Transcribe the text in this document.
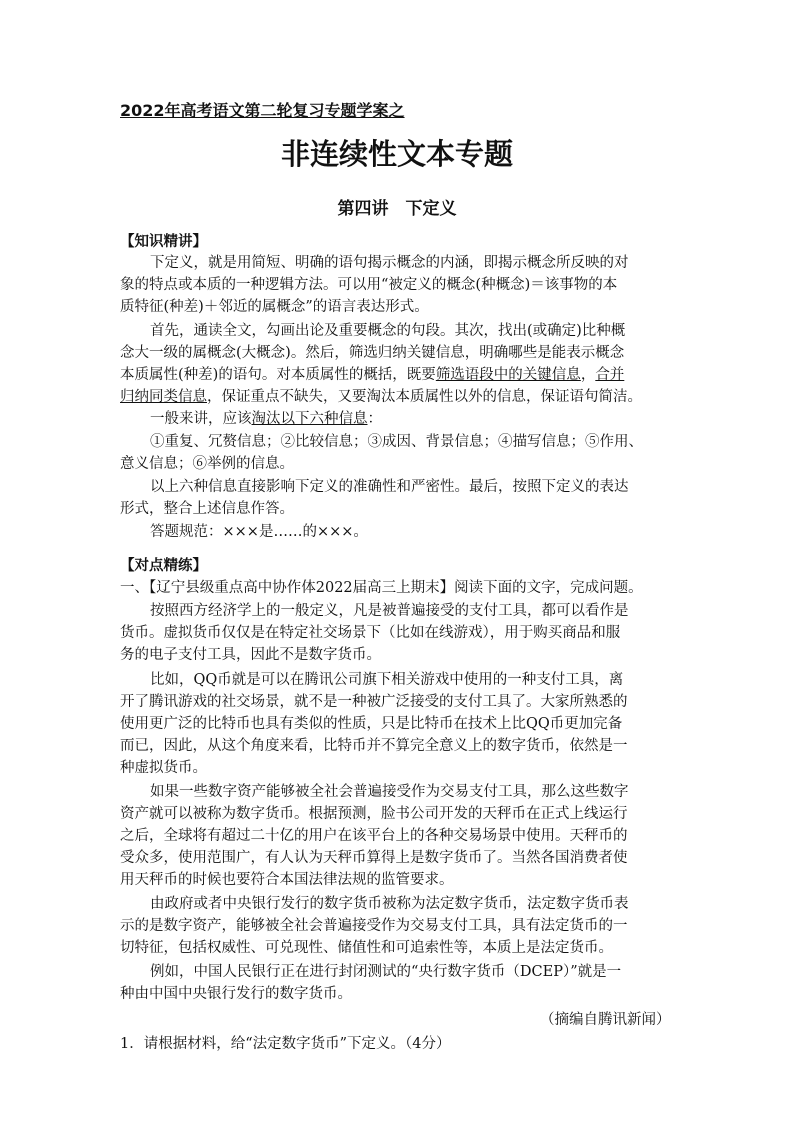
2022年高考语文第二轮复习专题学案之
非连续性文本专题
第四讲　下定义
【知识精讲】
下定义，就是用简短、明确的语句揭示概念的内涵，即揭示概念所反映的对
象的特点或本质的一种逻辑方法。可以用“被定义的概念(种概念)＝该事物的本
质特征(种差)＋邻近的属概念”的语言表达形式。
首先，通读全文，勾画出论及重要概念的句段。其次，找出(或确定)比种概
念大一级的属概念(大概念)。然后，筛选归纳关键信息，明确哪些是能表示概念
本质属性(种差)的语句。对本质属性的概括，既要筛选语段中的关键信息，合并
归纳同类信息，保证重点不缺失，又要淘汰本质属性以外的信息，保证语句简洁。
一般来讲，应该淘汰以下六种信息：
①重复、冗赘信息；②比较信息；③成因、背景信息；④描写信息；⑤作用、
意义信息；⑥举例的信息。
以上六种信息直接影响下定义的准确性和严密性。最后，按照下定义的表达
形式，整合上述信息作答。
答题规范：×××是……的×××。
【对点精练】
一、【辽宁县级重点高中协作体2022届高三上期末】阅读下面的文字，完成问题。
按照西方经济学上的一般定义，凡是被普遍接受的支付工具，都可以看作是
货币。虚拟货币仅仅是在特定社交场景下（比如在线游戏），用于购买商品和服
务的电子支付工具，因此不是数字货币。
比如，QQ币就是可以在腾讯公司旗下相关游戏中使用的一种支付工具，离
开了腾讯游戏的社交场景，就不是一种被广泛接受的支付工具了。大家所熟悉的
使用更广泛的比特币也具有类似的性质，只是比特币在技术上比QQ币更加完备
而已，因此，从这个角度来看，比特币并不算完全意义上的数字货币，依然是一
种虚拟货币。
如果一些数字资产能够被全社会普遍接受作为交易支付工具，那么这些数字
资产就可以被称为数字货币。根据预测，脸书公司开发的天秤币在正式上线运行
之后，全球将有超过二十亿的用户在该平台上的各种交易场景中使用。天秤币的
受众多，使用范围广，有人认为天秤币算得上是数字货币了。当然各国消费者使
用天秤币的时候也要符合本国法律法规的监管要求。
由政府或者中央银行发行的数字货币被称为法定数字货币，法定数字货币表
示的是数字资产，能够被全社会普遍接受作为交易支付工具，具有法定货币的一
切特征，包括权威性、可兑现性、储值性和可追索性等，本质上是法定货币。
例如，中国人民银行正在进行封闭测试的“央行数字货币（DCEP）”就是一
种由中国中央银行发行的数字货币。
（摘编自腾讯新闻）
1．请根据材料，给“法定数字货币”下定义。（4分）
